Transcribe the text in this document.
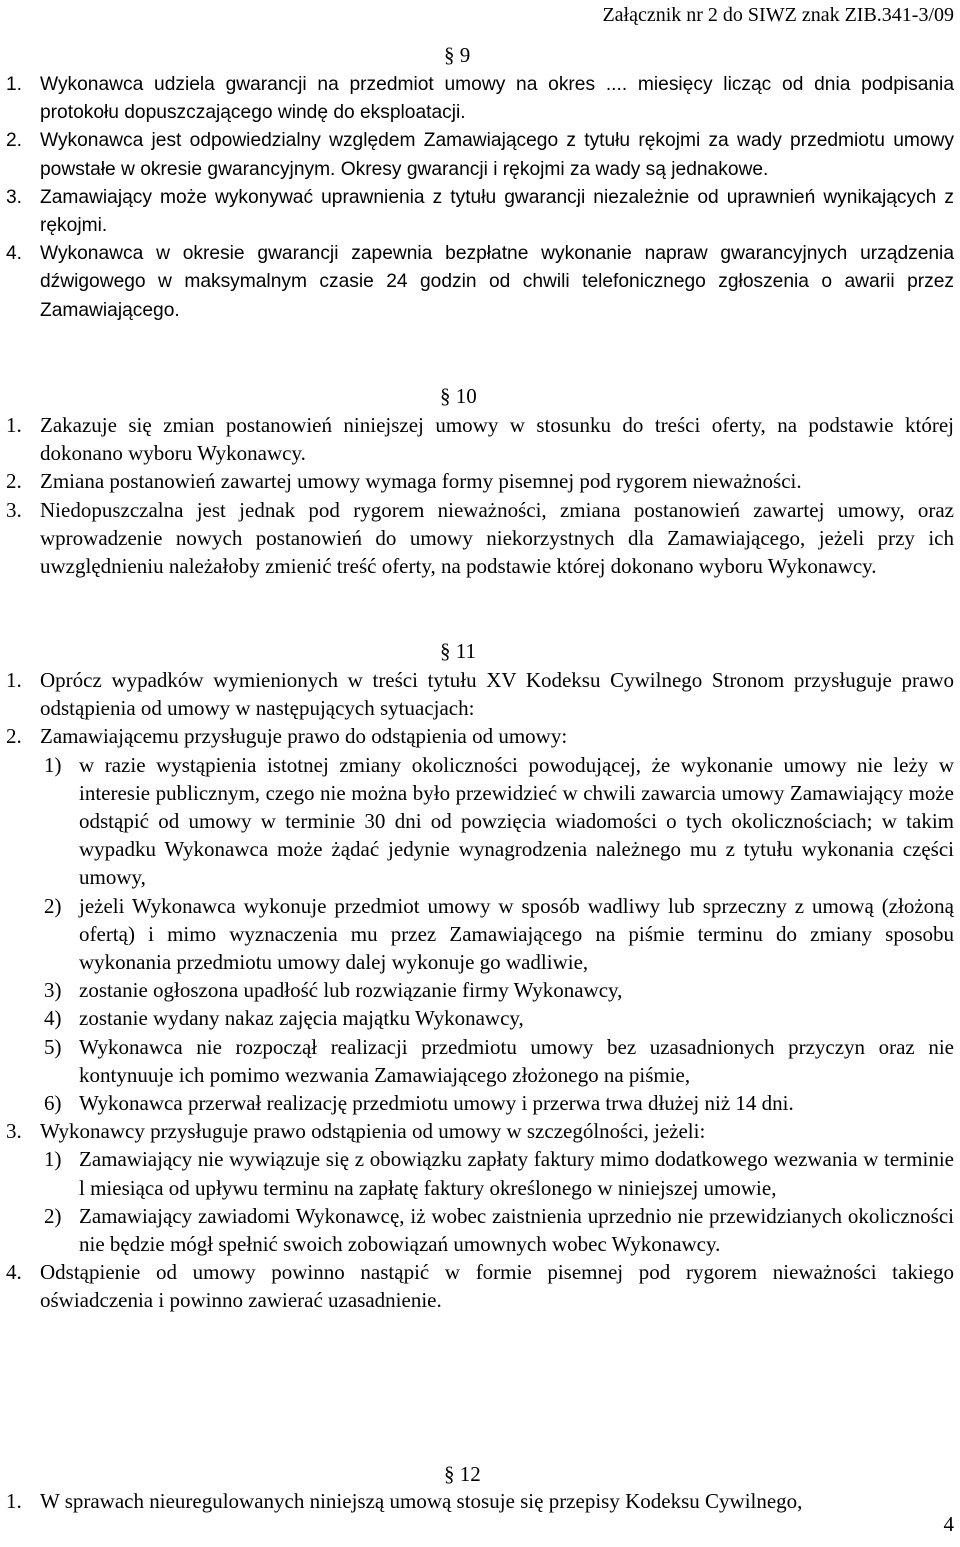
Załącznik nr 2 do SIWZ znak ZIB.341-3/09
§ 9
1. Wykonawca udziela gwarancji na przedmiot umowy na okres .... miesięcy licząc od dnia podpisania protokołu dopuszczającego windę do eksploatacji.
2. Wykonawca jest odpowiedzialny względem Zamawiającego z tytułu rękojmi za wady przedmiotu umowy powstałe w okresie gwarancyjnym. Okresy gwarancji i rękojmi za wady są jednakowe.
3. Zamawiający może wykonywać uprawnienia z tytułu gwarancji niezależnie od uprawnień wynikających z rękojmi.
4. Wykonawca w okresie gwarancji zapewnia bezpłatne wykonanie napraw gwarancyjnych urządzenia dźwigowego w maksymalnym czasie 24 godzin od chwili telefonicznego zgłoszenia o awarii przez Zamawiającego.
§ 10
1. Zakazuje się zmian postanowień niniejszej umowy w stosunku do treści oferty, na podstawie której dokonano wyboru Wykonawcy.
2. Zmiana postanowień zawartej umowy wymaga formy pisemnej pod rygorem nieważności.
3. Niedopuszczalna jest jednak pod rygorem nieważności, zmiana postanowień zawartej umowy, oraz wprowadzenie nowych postanowień do umowy niekorzystnych dla Zamawiającego, jeżeli przy ich uwzględnieniu należałoby zmienić treść oferty, na podstawie której dokonano wyboru Wykonawcy.
§ 11
1. Oprócz wypadków wymienionych w treści tytułu XV Kodeksu Cywilnego Stronom przysługuje prawo odstąpienia od umowy w następujących sytuacjach:
2. Zamawiającemu przysługuje prawo do odstąpienia od umowy:
1) w razie wystąpienia istotnej zmiany okoliczności powodującej, że wykonanie umowy nie leży w interesie publicznym, czego nie można było przewidzieć w chwili zawarcia umowy Zamawiający może odstąpić od umowy w terminie 30 dni od powzięcia wiadomości o tych okolicznościach; w takim wypadku Wykonawca może żądać jedynie wynagrodzenia należnego mu z tytułu wykonania części umowy,
2) jeżeli Wykonawca wykonuje przedmiot umowy w sposób wadliwy lub sprzeczny z umową (złożoną ofertą) i mimo wyznaczenia mu przez Zamawiającego na piśmie terminu do zmiany sposobu wykonania przedmiotu umowy dalej wykonuje go wadliwie,
3) zostanie ogłoszona upadłość lub rozwiązanie firmy Wykonawcy,
4) zostanie wydany nakaz zajęcia majątku Wykonawcy,
5) Wykonawca nie rozpoczął realizacji przedmiotu umowy bez uzasadnionych przyczyn oraz nie kontynuuje ich pomimo wezwania Zamawiającego złożonego na piśmie,
6) Wykonawca przerwał realizację przedmiotu umowy i przerwa trwa dłużej niż 14 dni.
3. Wykonawcy przysługuje prawo odstąpienia od umowy w szczególności, jeżeli:
1) Zamawiający nie wywiązuje się z obowiązku zapłaty faktury mimo dodatkowego wezwania w terminie l miesiąca od upływu terminu na zapłatę faktury określonego w niniejszej umowie,
2) Zamawiający zawiadomi Wykonawcę, iż wobec zaistnienia uprzednio nie przewidzianych okoliczności nie będzie mógł spełnić swoich zobowiązań umownych wobec Wykonawcy.
4. Odstąpienie od umowy powinno nastąpić w formie pisemnej pod rygorem nieważności takiego oświadczenia i powinno zawierać uzasadnienie.
§ 12
1. W sprawach nieuregulowanych niniejszą umową stosuje się przepisy Kodeksu Cywilnego,
4
